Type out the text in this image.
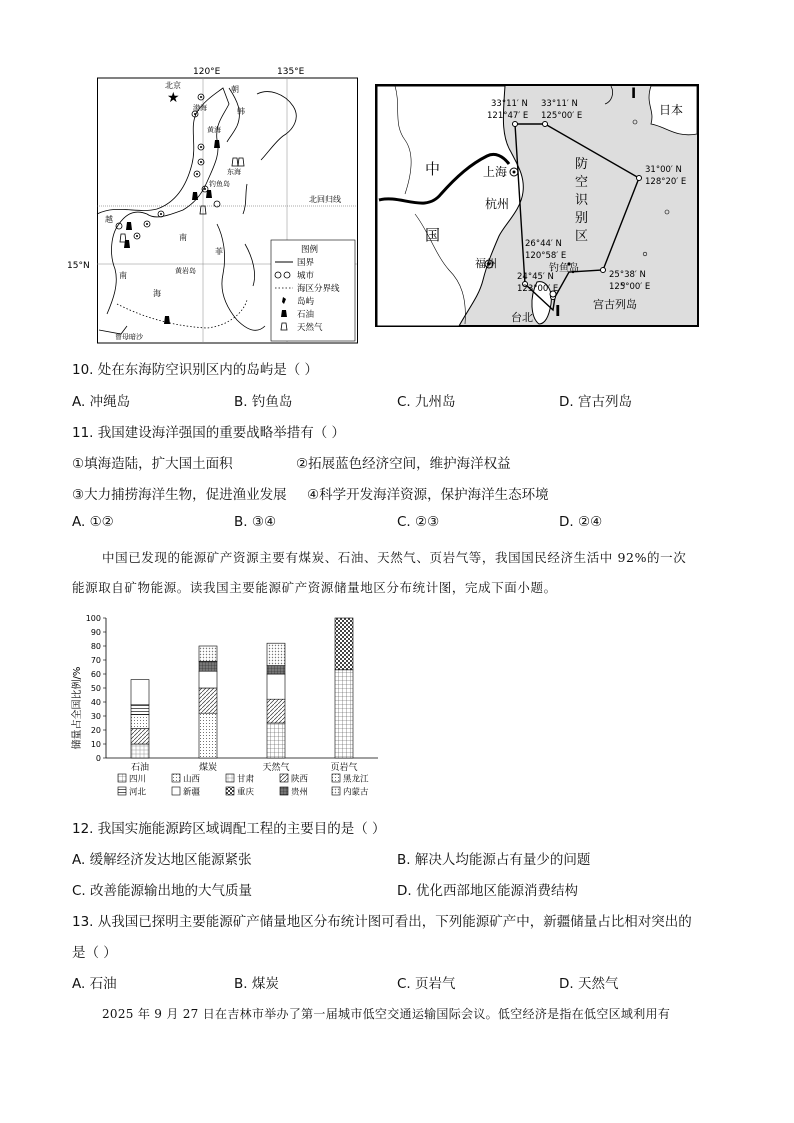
120°E	135°E
15°N
北回归线
★
北京	朝
韩
渤海
黄海
东海
钓鱼岛
越
南
菲
南
海
黄岩岛
曾母暗沙
图例
国界
城市
海区分界线
岛屿
石油
天然气
I
日本
中
国
上海
杭州
福州
台北
防
空
识
别
区
钓鱼岛
宫古列岛
I
33°11′ N
121°47′ E
33°11′ N
125°00′ E
31°00′ N
128°20′ E
26°44′ N
120°58′ E
24°45′ N
123°00′ E
25°38′ N
125°00′ E
10. 处在东海防空识别区内的岛屿是（ ）
A. 冲绳岛	B. 钓鱼岛	C. 九州岛	D. 宫古列岛
11. 我国建设海洋强国的重要战略举措有（ ）
①填海造陆，扩大国土面积	②拓展蓝色经济空间，维护海洋权益
③大力捕捞海洋生物，促进渔业发展 ④科学开发海洋资源，保护海洋生态环境
A. ①②	B. ③④	C. ②③	D. ②④
中国已发现的能源矿产资源主要有煤炭、石油、天然气、页岩气等，我国国民经济生活中 92%的一次
能源取自矿物能源。读我国主要能源矿产资源储量地区分布统计图，完成下面小题。
储量占全国比例/%
0
10
20
30
40
50
60
70
80
90
100
石油	煤炭	天然气	页岩气
四川	山西	甘肃	陕西	黑龙江
河北	新疆	重庆	贵州	内蒙古
12. 我国实施能源跨区域调配工程的主要目的是（ ）
A. 缓解经济发达地区能源紧张	B. 解决人均能源占有量少的问题
C. 改善能源输出地的大气质量	D. 优化西部地区能源消费结构
13. 从我国已探明主要能源矿产储量地区分布统计图可看出，下列能源矿产中，新疆储量占比相对突出的
是（ ）
A. 石油	B. 煤炭	C. 页岩气	D. 天然气
2025 年 9 月 27 日在吉林市举办了第一届城市低空交通运输国际会议。低空经济是指在低空区域利用有
